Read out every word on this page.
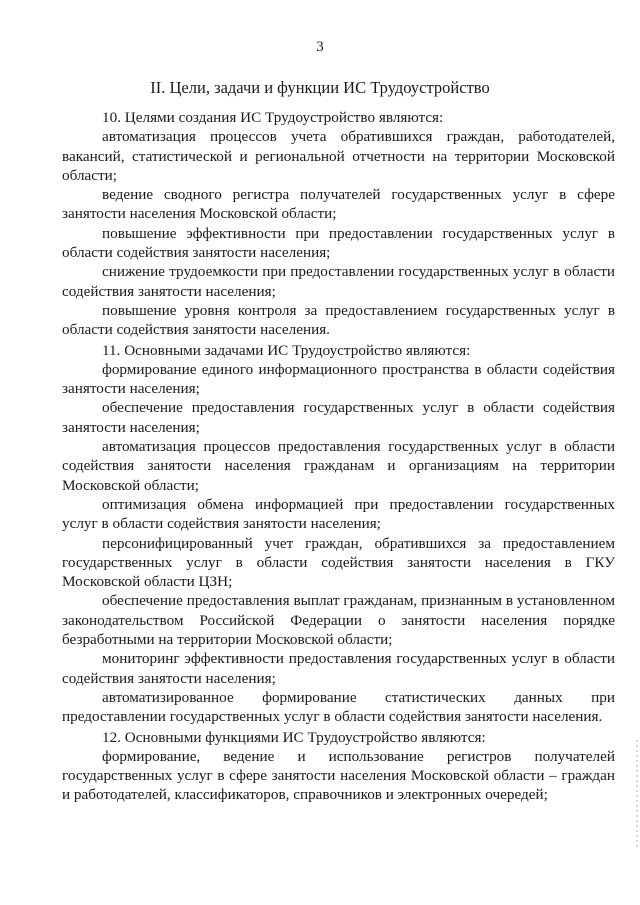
3
II. Цели, задачи и функции ИС Трудоустройство

10. Целями создания ИС Трудоустройство являются:

автоматизация процессов учета обратившихся граждан, работодателей, вакансий, статистической и региональной отчетности на территории Московской области;

ведение сводного регистра получателей государственных услуг в сфере занятости населения Московской области;

повышение эффективности при предоставлении государственных услуг в области содействия занятости населения;

снижение трудоемкости при предоставлении государственных услуг в области содействия занятости населения;

повышение уровня контроля за предоставлением государственных услуг в области содействия занятости населения.

11. Основными задачами ИС Трудоустройство являются:

формирование единого информационного пространства в области содействия занятости населения;

обеспечение предоставления государственных услуг в области содействия занятости населения;

автоматизация процессов предоставления государственных услуг в области содействия занятости населения гражданам и организациям на территории Московской области;

оптимизация обмена информацией при предоставлении государственных услуг в области содействия занятости населения;

персонифицированный учет граждан, обратившихся за предоставлением государственных услуг в области содействия занятости населения в ГКУ Московской области ЦЗН;

обеспечение предоставления выплат гражданам, признанным в установленном законодательством Российской Федерации о занятости населения порядке безработными на территории Московской области;

мониторинг эффективности предоставления государственных услуг в области содействия занятости населения;

автоматизированное формирование статистических данных при предоставлении государственных услуг в области содействия занятости населения.

12. Основными функциями ИС Трудоустройство являются:

формирование, ведение и использование регистров получателей государственных услуг в сфере занятости населения Московской области – граждан и работодателей, классификаторов, справочников и электронных очередей;
